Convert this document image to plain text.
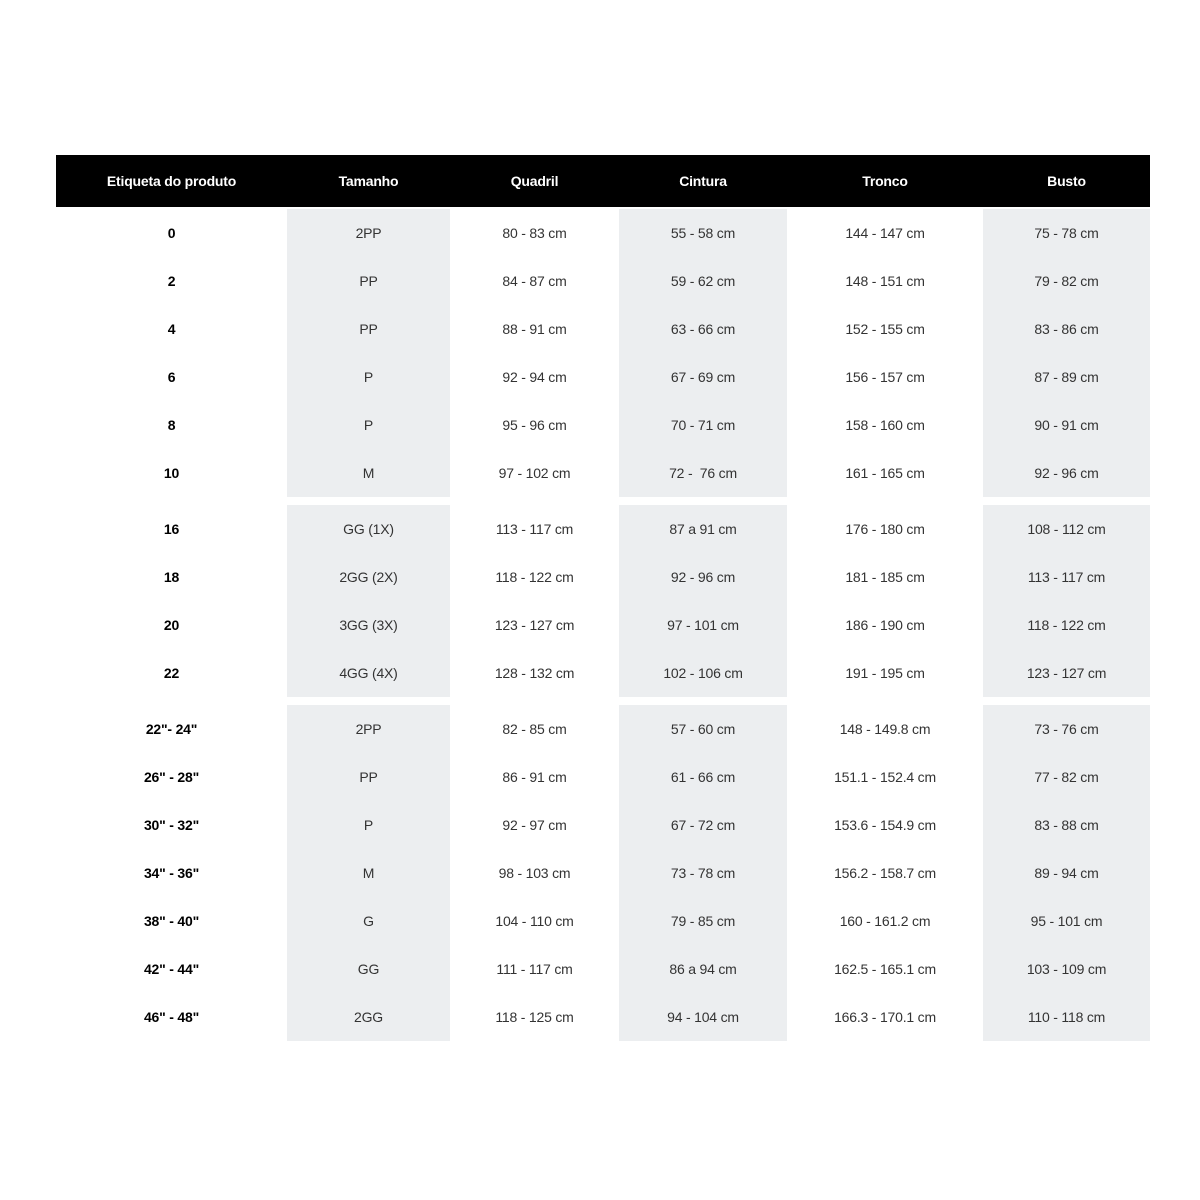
Etiqueta do produto	Tamanho	Quadril	Cintura	Tronco	Busto
0	2PP	80 - 83 cm	55 - 58 cm	144 - 147 cm	75 - 78 cm
2	PP	84 - 87 cm	59 - 62 cm	148 - 151 cm	79 - 82 cm
4	PP	88 - 91 cm	63 - 66 cm	152 - 155 cm	83 - 86 cm
6	P	92 - 94 cm	67 - 69 cm	156 - 157 cm	87 - 89 cm
8	P	95 - 96 cm	70 - 71 cm	158 - 160 cm	90 - 91 cm
10	M	97 - 102 cm	72 -  76 cm	161 - 165 cm	92 - 96 cm
16	GG (1X)	113 - 117 cm	87 a 91 cm	176 - 180 cm	108 - 112 cm
18	2GG (2X)	118 - 122 cm	92 - 96 cm	181 - 185 cm	113 - 117 cm
20	3GG (3X)	123 - 127 cm	97 - 101 cm	186 - 190 cm	118 - 122 cm
22	4GG (4X)	128 - 132 cm	102 - 106 cm	191 - 195 cm	123 - 127 cm
22"- 24"	2PP	82 - 85 cm	57 - 60 cm	148 - 149.8 cm	73 - 76 cm
26" - 28"	PP	86 - 91 cm	61 - 66 cm	151.1 - 152.4 cm	77 - 82 cm
30" - 32"	P	92 - 97 cm	67 - 72 cm	153.6 - 154.9 cm	83 - 88 cm
34" - 36"	M	98 - 103 cm	73 - 78 cm	156.2 - 158.7 cm	89 - 94 cm
38" - 40"	G	104 - 110 cm	79 - 85 cm	160 - 161.2 cm	95 - 101 cm
42" - 44"	GG	111 - 117 cm	86 a 94 cm	162.5 - 165.1 cm	103 - 109 cm
46" - 48"	2GG	118 - 125 cm	94 - 104 cm	166.3 - 170.1 cm	110 - 118 cm
